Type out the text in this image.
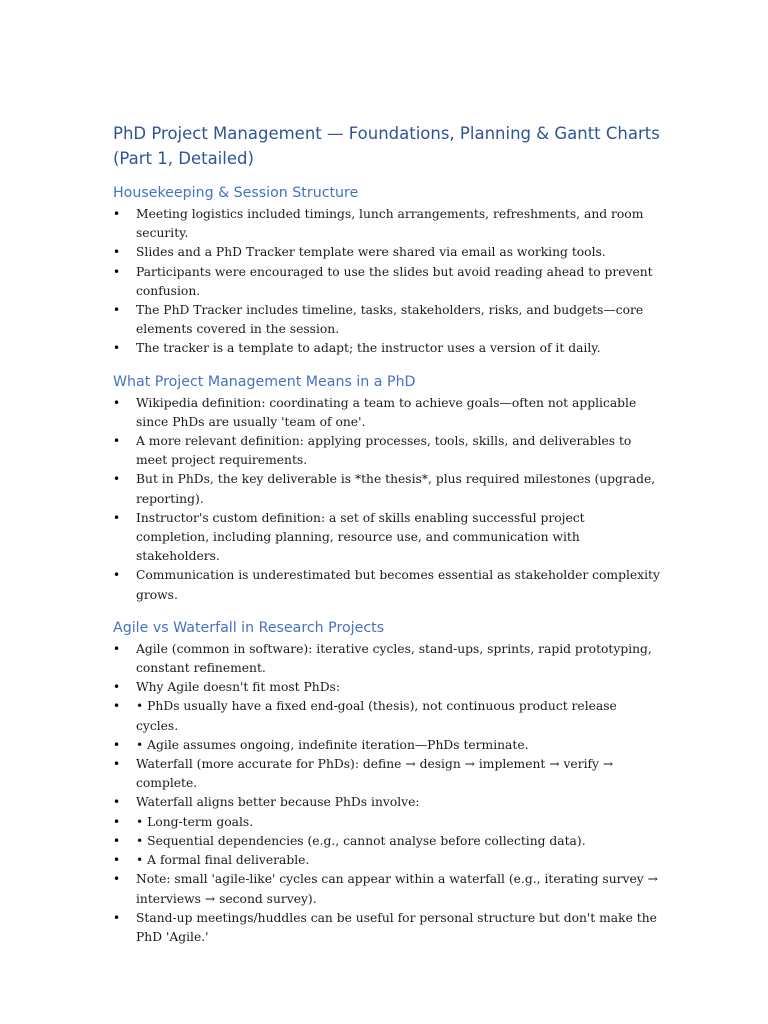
PhD Project Management — Foundations, Planning & Gantt Charts (Part 1, Detailed)
Housekeeping & Session Structure
•	Meeting logistics included timings, lunch arrangements, refreshments, and room security.
•	Slides and a PhD Tracker template were shared via email as working tools.
•	Participants were encouraged to use the slides but avoid reading ahead to prevent confusion.
•	The PhD Tracker includes timeline, tasks, stakeholders, risks, and budgets—core elements covered in the session.
•	The tracker is a template to adapt; the instructor uses a version of it daily.
What Project Management Means in a PhD
•	Wikipedia definition: coordinating a team to achieve goals—often not applicable since PhDs are usually 'team of one'.
•	A more relevant definition: applying processes, tools, skills, and deliverables to meet project requirements.
•	But in PhDs, the key deliverable is *the thesis*, plus required milestones (upgrade, reporting).
•	Instructor's custom definition: a set of skills enabling successful project completion, including planning, resource use, and communication with stakeholders.
•	Communication is underestimated but becomes essential as stakeholder complexity grows.
Agile vs Waterfall in Research Projects
•	Agile (common in software): iterative cycles, stand-ups, sprints, rapid prototyping, constant refinement.
•	Why Agile doesn't fit most PhDs:
•	• PhDs usually have a fixed end-goal (thesis), not continuous product release cycles.
•	• Agile assumes ongoing, indefinite iteration—PhDs terminate.
•	Waterfall (more accurate for PhDs): define → design → implement → verify → complete.
•	Waterfall aligns better because PhDs involve:
•	• Long-term goals.
•	• Sequential dependencies (e.g., cannot analyse before collecting data).
•	• A formal final deliverable.
•	Note: small 'agile-like' cycles can appear within a waterfall (e.g., iterating survey → interviews → second survey).
•	Stand-up meetings/huddles can be useful for personal structure but don't make the PhD 'Agile.'
